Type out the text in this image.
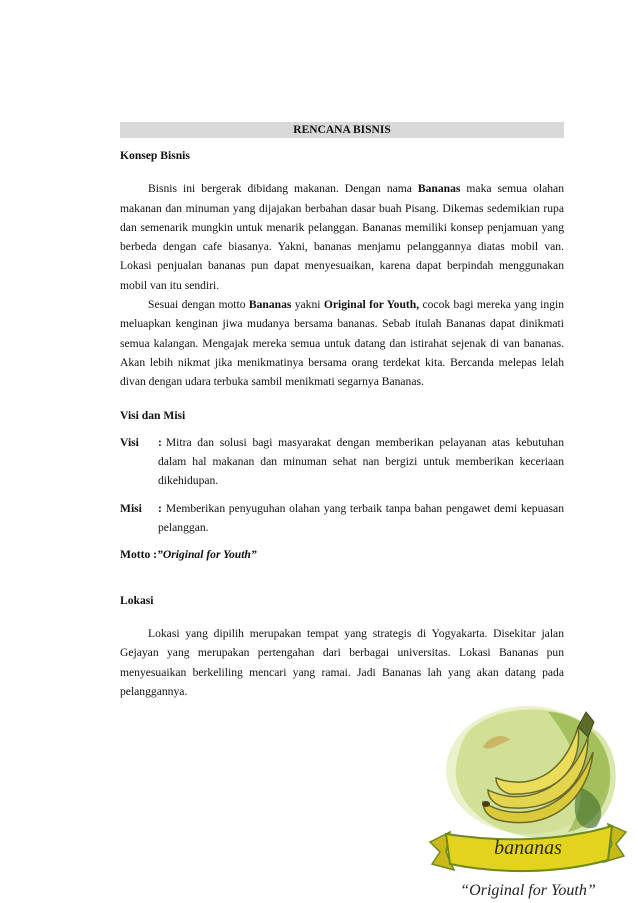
RENCANA BISNIS

Konsep Bisnis

Bisnis ini bergerak dibidang makanan. Dengan nama Bananas maka semua olahan makanan dan minuman yang dijajakan berbahan dasar buah Pisang. Dikemas sedemikian rupa dan semenarik mungkin untuk menarik pelanggan. Bananas memiliki konsep penjamuan yang berbeda dengan cafe biasanya. Yakni, bananas menjamu pelanggannya diatas mobil van. Lokasi penjualan bananas pun dapat menyesuaikan, karena dapat berpindah menggunakan mobil van itu sendiri.

Sesuai dengan motto Bananas yakni Original for Youth, cocok bagi mereka yang ingin meluapkan kenginan jiwa mudanya bersama bananas. Sebab itulah Bananas dapat dinikmati semua kalangan. Mengajak mereka semua untuk datang dan istirahat sejenak di van bananas. Akan lebih nikmat jika menikmatinya bersama orang terdekat kita. Bercanda melepas lelah divan dengan udara terbuka sambil menikmati segarnya Bananas.

Visi dan Misi

Visi	: Mitra dan solusi bagi masyarakat dengan memberikan pelayanan atas kebutuhan dalam hal makanan dan minuman sehat nan bergizi untuk memberikan keceriaan dikehidupan.
Misi	: Memberikan penyuguhan olahan yang terbaik tanpa bahan pengawet demi kepuasan pelanggan.

Motto :”Original for Youth”

Lokasi

Lokasi yang dipilih merupakan tempat yang strategis di Yogyakarta. Disekitar jalan Gejayan yang merupakan pertengahan dari berbagai universitas. Lokasi Bananas pun menyesuaikan berkeliling mencari yang ramai. Jadi Bananas lah yang akan datang pada pelanggannya.

bananas
“Original for Youth”
